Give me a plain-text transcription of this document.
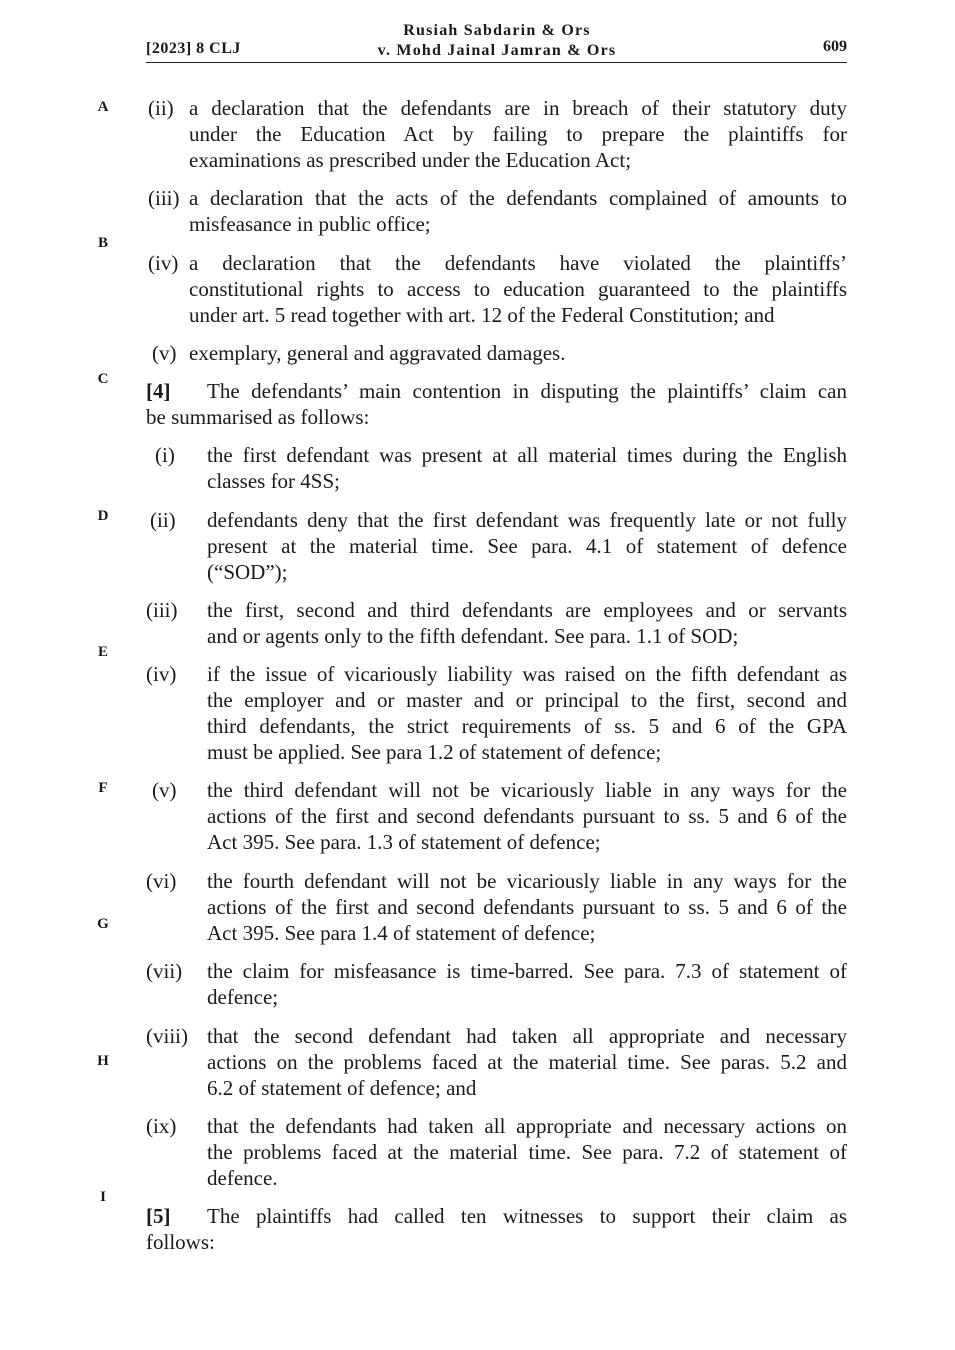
[2023] 8 CLJ
Rusiah Sabdarin & Ors
v. Mohd Jainal Jamran & Ors	609
A
B
C
D
E
F
G
H
I
(ii) a declaration that the defendants are in breach of their statutory duty
under the Education Act by failing to prepare the plaintiffs for
examinations as prescribed under the Education Act;
(iii) a declaration that the acts of the defendants complained of amounts to
misfeasance in public office;
(iv) a declaration that the defendants have violated the plaintiffs’
constitutional rights to access to education guaranteed to the plaintiffs
under art. 5 read together with art. 12 of the Federal Constitution; and
(v) exemplary, general and aggravated damages.
[4] The defendants’ main contention in disputing the plaintiffs’ claim can
be summarised as follows:
(i) the first defendant was present at all material times during the English
classes for 4SS;
(ii) defendants deny that the first defendant was frequently late or not fully
present at the material time. See para. 4.1 of statement of defence
(“SOD”);
(iii) the first, second and third defendants are employees and or servants
and or agents only to the fifth defendant. See para. 1.1 of SOD;
(iv) if the issue of vicariously liability was raised on the fifth defendant as
the employer and or master and or principal to the first, second and
third defendants, the strict requirements of ss. 5 and 6 of the GPA
must be applied. See para 1.2 of statement of defence;
(v) the third defendant will not be vicariously liable in any ways for the
actions of the first and second defendants pursuant to ss. 5 and 6 of the
Act 395. See para. 1.3 of statement of defence;
(vi) the fourth defendant will not be vicariously liable in any ways for the
actions of the first and second defendants pursuant to ss. 5 and 6 of the
Act 395. See para 1.4 of statement of defence;
(vii) the claim for misfeasance is time-barred. See para. 7.3 of statement of
defence;
(viii) that the second defendant had taken all appropriate and necessary
actions on the problems faced at the material time. See paras. 5.2 and
6.2 of statement of defence; and
(ix) that the defendants had taken all appropriate and necessary actions on
the problems faced at the material time. See para. 7.2 of statement of
defence.
[5] The plaintiffs had called ten witnesses to support their claim as
follows:
